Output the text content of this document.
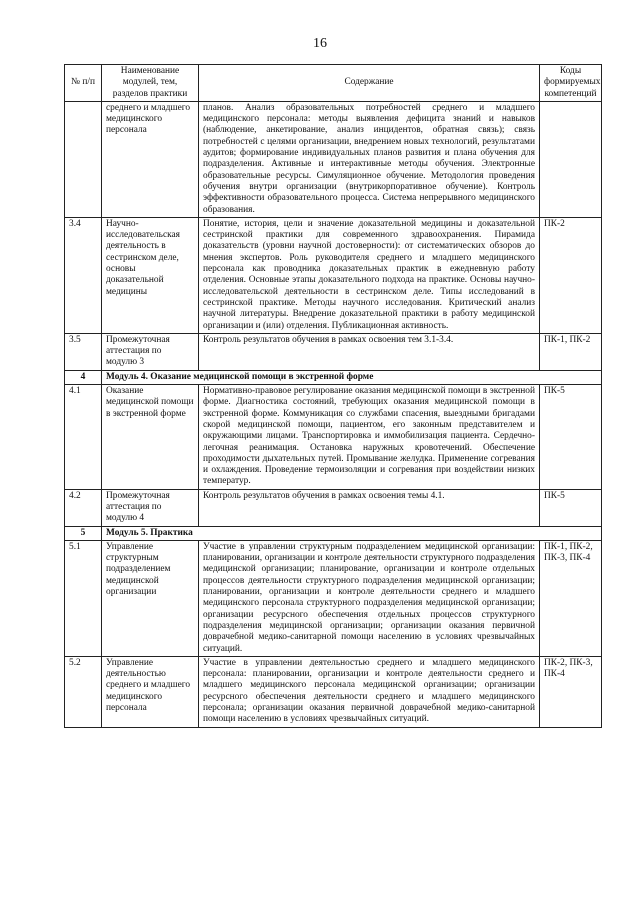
16
№ п/п	Наименование модулей, тем, разделов практики	Содержание	Коды формируемых компетенций
	среднего и младшего медицинского персонала	планов. Анализ образовательных потребностей среднего и младшего медицинского персонала: методы выявления дефицита знаний и навыков (наблюдение, анкетирование, анализ инцидентов, обратная связь); связь потребностей с целями организации, внедрением новых технологий, результатами аудитов; формирование индивидуальных планов развития и плана обучения для подразделения. Активные и интерактивные методы обучения. Электронные образовательные ресурсы. Симуляционное обучение. Методология проведения обучения внутри организации (внутрикорпоративное обучение). Контроль эффективности образовательного процесса. Система непрерывного медицинского образования.	
3.4	Научно-исследовательская деятельность в сестринском деле, основы доказательной медицины	Понятие, история, цели и значение доказательной медицины и доказательной сестринской практики для современного здравоохранения. Пирамида доказательств (уровни научной достоверности): от систематических обзоров до мнения экспертов. Роль руководителя среднего и младшего медицинского персонала как проводника доказательных практик в ежедневную работу отделения. Основные этапы доказательного подхода на практике. Основы научно-исследовательской деятельности в сестринском деле. Типы исследований в сестринской практике. Методы научного исследования. Критический анализ научной литературы. Внедрение доказательной практики в работу медицинской организации и (или) отделения. Публикационная активность.	ПК-2
3.5	Промежуточная аттестация по модулю 3	Контроль результатов обучения в рамках освоения тем 3.1-3.4.	ПК-1, ПК-2
4	Модуль 4. Оказание медицинской помощи в экстренной форме		
4.1	Оказание медицинской помощи в экстренной форме	Нормативно-правовое регулирование оказания медицинской помощи в экстренной форме. Диагностика состояний, требующих оказания медицинской помощи в экстренной форме. Коммуникация со службами спасения, выездными бригадами скорой медицинской помощи, пациентом, его законным представителем и окружающими лицами. Транспортировка и иммобилизация пациента. Сердечно-легочная реанимация. Остановка наружных кровотечений. Обеспечение проходимости дыхательных путей. Промывание желудка. Применение согревания и охлаждения. Проведение термоизоляции и согревания при воздействии низких температур.	ПК-5
4.2	Промежуточная аттестация по модулю 4	Контроль результатов обучения в рамках освоения темы 4.1.	ПК-5
5	Модуль 5. Практика		
5.1	Управление структурным подразделением медицинской организации	Участие в управлении структурным подразделением медицинской организации: планировании, организации и контроле деятельности структурного подразделения медицинской организации; планирование, организации и контроле отдельных процессов деятельности структурного подразделения медицинской организации; планировании, организации и контроле деятельности среднего и младшего медицинского персонала структурного подразделения медицинской организации; организации ресурсного обеспечения отдельных процессов структурного подразделения медицинской организации; организации оказания первичной доврачебной медико-санитарной помощи населению в условиях чрезвычайных ситуаций.	ПК-1, ПК-2, ПК-3, ПК-4
5.2	Управление деятельностью среднего и младшего медицинского персонала	Участие в управлении деятельностью среднего и младшего медицинского персонала: планировании, организации и контроле деятельности среднего и младшего медицинского персонала медицинской организации; организации ресурсного обеспечения деятельности среднего и младшего медицинского персонала; организации оказания первичной доврачебной медико-санитарной помощи населению в условиях чрезвычайных ситуаций.	ПК-2, ПК-3, ПК-4
